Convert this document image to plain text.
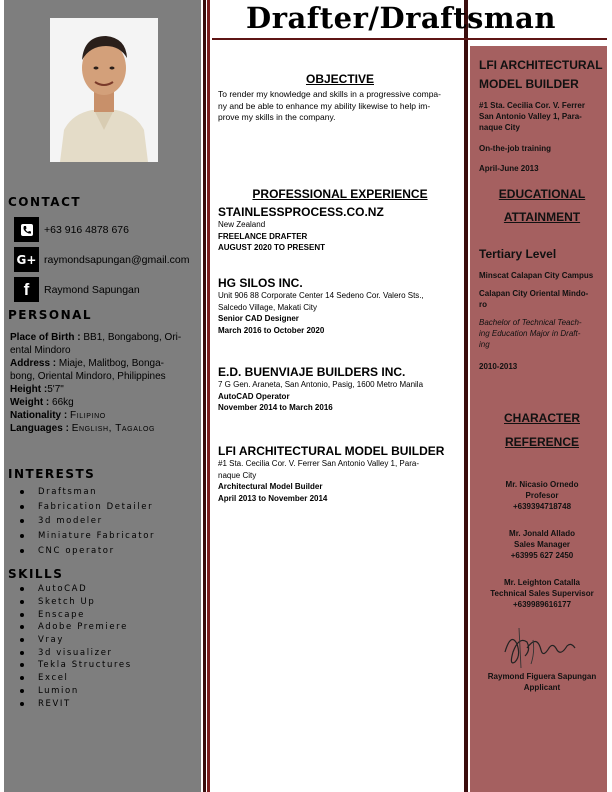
CONTACT
+63 916 4878 676
G+ raymondsapungan@gmail.com
f	Raymond Sapungan
PERSONAL

Place of Birth : BB1, Bongabong, Ori-

ental Mindoro

Address : Miaje, Malitbog, Bonga-

bong, Oriental Mindoro, Philippines

Height :5'7"

Weight : 66kg

Nationality : Filipino

Languages : English, Tagalog

INTERESTS
Draftsman
Fabrication Detailer
3d modeler
Miniature Fabricator
CNC operator
SKILLS
AutoCAD
Sketch Up
Enscape
Adobe Premiere
Vray
3d visualizer
Tekla Structures
Excel
Lumion
REVIT
Drafter/Draftsman
OBJECTIVE
To render my knowledge and skills in a progressive compa-
ny and be able to enhance my ability likewise to help im-
prove my skills in the company.
PROFESSIONAL EXPERIENCE
STAINLESSPROCESS.CO.NZ
New Zealand
FREELANCE DRAFTER
AUGUST 2020 TO PRESENT
HG SILOS INC.
Unit 906 88 Corporate Center 14 Sedeno Cor. Valero Sts.,
Salcedo Village, Makati City
Senior CAD Designer
March 2016 to October 2020
E.D. BUENVIAJE BUILDERS INC.
7 G Gen. Araneta, San Antonio, Pasig, 1600 Metro Manila
AutoCAD Operator
November 2014 to March 2016
LFI ARCHITECTURAL MODEL BUILDER
#1 Sta. Cecilia Cor. V. Ferrer San Antonio Valley 1, Para-
naque City
Architectural Model Builder
April 2013 to November 2014
LFI ARCHITECTURAL
MODEL BUILDER
#1 Sta. Cecilia Cor. V. Ferrer
San Antonio Valley 1, Para-
naque City
On-the-job training
April-June 2013
EDUCATIONAL
ATTAINMENT
Tertiary Level
Minscat Calapan City Campus
Calapan City Oriental Mindo-
ro
Bachelor of Technical Teach-
ing Education Major in Draft-
ing
2010-2013
CHARACTER
REFERENCE
Mr. Nicasio Ornedo
Profesor
+639394718748
Mr. Jonald Allado
Sales Manager
+63995 627 2450
Mr. Leighton Catalla
Technical Sales Supervisor
+639989616177
Raymond Figuera Sapungan
Applicant
